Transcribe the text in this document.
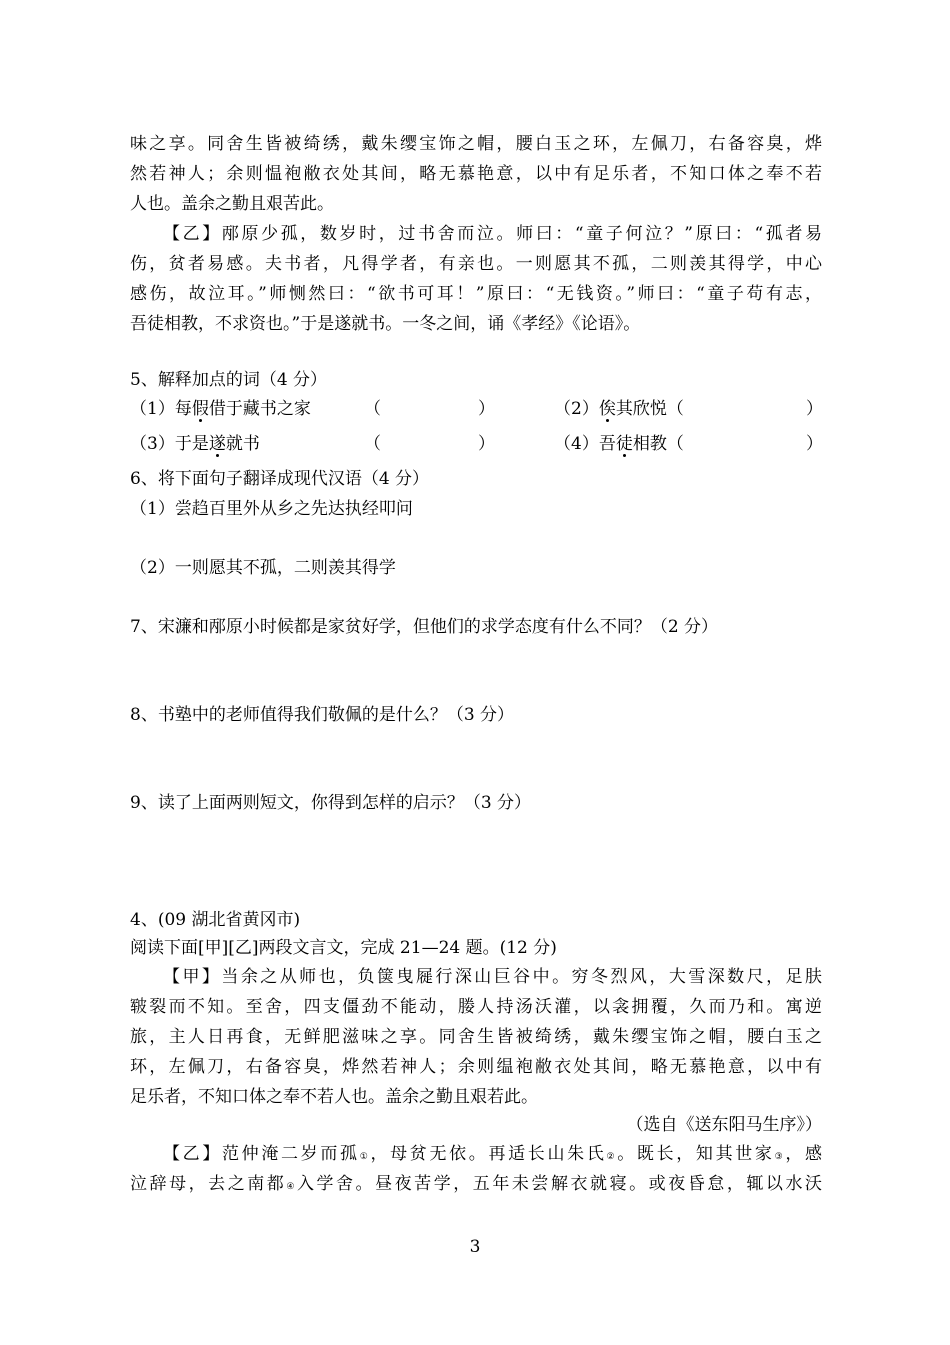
味之享。同舍生皆被绮绣，戴朱缨宝饰之帽，腰白玉之环，左佩刀，右备容臭，烨
然若神人；余则愠袍敝衣处其间，略无慕艳意，以中有足乐者，不知口体之奉不若
人也。盖余之勤且艰苦此。
【乙】邴原少孤，数岁时，过书舍而泣。师曰：“童子何泣？”原曰：“孤者易
伤，贫者易感。夫书者，凡得学者，有亲也。一则愿其不孤，二则羡其得学，中心
感伤，故泣耳。”师恻然曰：“欲书可耳！”原曰：“无钱资。”师曰：“童子苟有志，
吾徒相教，不求资也。”于是遂就书。一冬之间，诵《孝经》《论语》。
5、解释加点的词（4 分）
（1）每假借于藏书之家	（	）	（2）俟其欣悦（	）
（3）于是遂就书	（	）	（4）吾徒相教（	）
6、将下面句子翻译成现代汉语（4 分）
（1）尝趋百里外从乡之先达执经叩问
（2）一则愿其不孤，二则羡其得学
7、宋濂和邴原小时候都是家贫好学，但他们的求学态度有什么不同？（2 分）
8、书塾中的老师值得我们敬佩的是什么？（3 分）
9、读了上面两则短文，你得到怎样的启示？（3 分）
4、(09 湖北省黄冈市)
阅读下面[甲][乙]两段文言文，完成 21—24 题。(12 分)
【甲】当余之从师也，负箧曳屣行深山巨谷中。穷冬烈风，大雪深数尺，足肤
皲裂而不知。至舍，四支僵劲不能动，媵人持汤沃灌，以衾拥覆，久而乃和。寓逆
旅，主人日再食，无鲜肥滋味之享。同舍生皆被绮绣，戴朱缨宝饰之帽，腰白玉之
环，左佩刀，右备容臭，烨然若神人；余则缊袍敝衣处其间，略无慕艳意，以中有
足乐者，不知口体之奉不若人也。盖余之勤且艰若此。
（选自《送东阳马生序》）
【乙】范仲淹二岁而孤①，母贫无依。再适长山朱氏②。既长，知其世家③，感
泣辞母，去之南都④入学舍。昼夜苦学，五年未尝解衣就寝。或夜昏怠，辄以水沃
3
